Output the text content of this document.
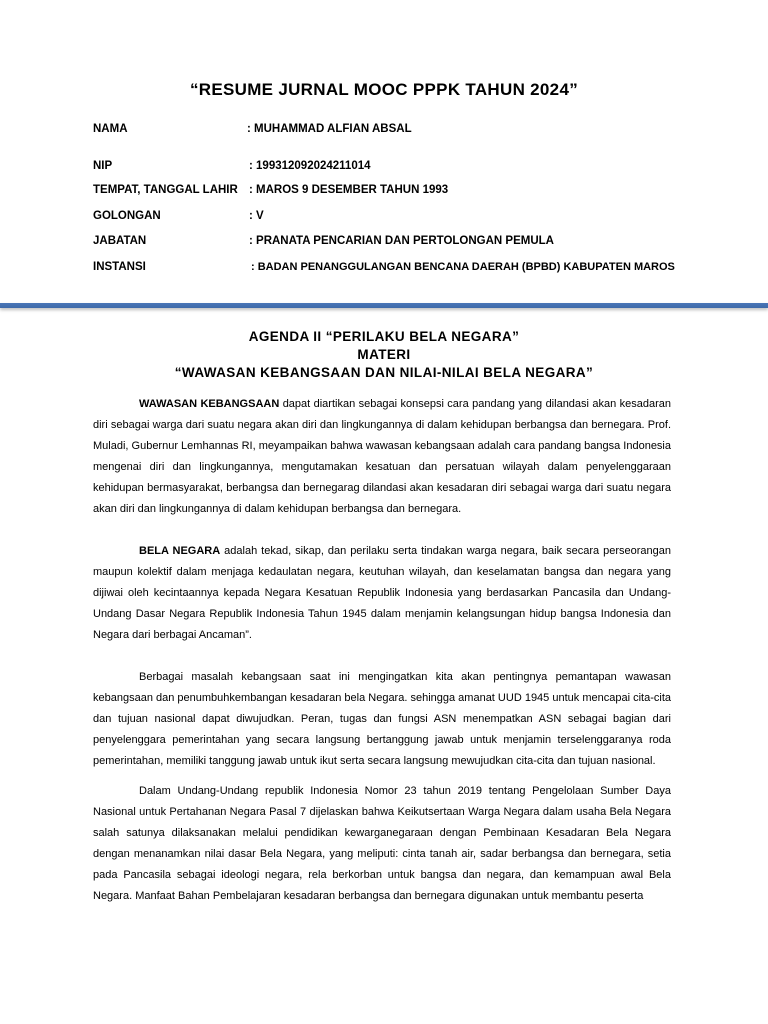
“RESUME JURNAL MOOC PPPK TAHUN 2024”
NAMA	: MUHAMMAD ALFIAN ABSAL
NIP	: 199312092024211014
TEMPAT, TANGGAL LAHIR : MAROS 9 DESEMBER TAHUN 1993
GOLONGAN	: V
JABATAN	: PRANATA PENCARIAN DAN PERTOLONGAN PEMULA
INSTANSI	: BADAN PENANGGULANGAN BENCANA DAERAH (BPBD) KABUPATEN MAROS
AGENDA II “PERILAKU BELA NEGARA”
MATERI
“WAWASAN KEBANGSAAN DAN NILAI-NILAI BELA NEGARA”

WAWASAN KEBANGSAAN dapat diartikan sebagai konsepsi cara pandang yang dilandasi akan kesadaran diri sebagai warga dari suatu negara akan diri dan lingkungannya di dalam kehidupan berbangsa dan bernegara. Prof. Muladi, Gubernur Lemhannas RI, meyampaikan bahwa wawasan kebangsaan adalah cara pandang bangsa Indonesia mengenai diri dan lingkungannya, mengutamakan kesatuan dan persatuan wilayah dalam penyelenggaraan kehidupan bermasyarakat, berbangsa dan bernegarag dilandasi akan kesadaran diri sebagai warga dari suatu negara akan diri dan lingkungannya di dalam kehidupan berbangsa dan bernegara.

BELA NEGARA adalah tekad, sikap, dan perilaku serta tindakan warga negara, baik secara perseorangan maupun kolektif dalam menjaga kedaulatan negara, keutuhan wilayah, dan keselamatan bangsa dan negara yang dijiwai oleh kecintaannya kepada Negara Kesatuan Republik Indonesia yang berdasarkan Pancasila dan Undang-Undang Dasar Negara Republik Indonesia Tahun 1945 dalam menjamin kelangsungan hidup bangsa Indonesia dan Negara dari berbagai Ancaman”.

Berbagai masalah kebangsaan saat ini mengingatkan kita akan pentingnya pemantapan wawasan kebangsaan dan penumbuhkembangan kesadaran bela Negara. sehingga amanat UUD 1945 untuk mencapai cita-cita dan tujuan nasional dapat diwujudkan. Peran, tugas dan fungsi ASN menempatkan ASN sebagai bagian dari penyelenggara pemerintahan yang secara langsung bertanggung jawab untuk menjamin terselenggaranya roda pemerintahan, memiliki tanggung jawab untuk ikut serta secara langsung mewujudkan cita-cita dan tujuan nasional.

Dalam Undang-Undang republik Indonesia Nomor 23 tahun 2019 tentang Pengelolaan Sumber Daya Nasional untuk Pertahanan Negara Pasal 7 dijelaskan bahwa Keikutsertaan Warga Negara dalam usaha Bela Negara salah satunya dilaksanakan melalui pendidikan kewarganegaraan dengan Pembinaan Kesadaran Bela Negara dengan menanamkan nilai dasar Bela Negara, yang meliputi: cinta tanah air, sadar berbangsa dan bernegara, setia pada Pancasila sebagai ideologi negara, rela berkorban untuk bangsa dan negara, dan kemampuan awal Bela Negara. Manfaat Bahan Pembelajaran kesadaran berbangsa dan bernegara digunakan untuk membantu peserta
